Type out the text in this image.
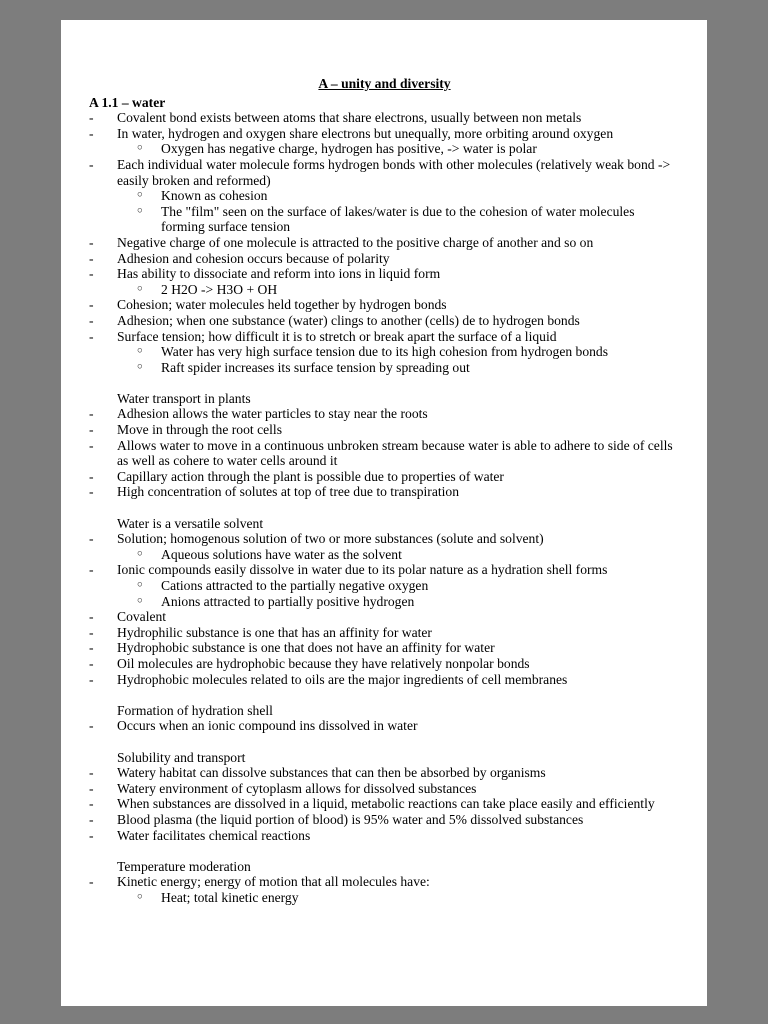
A – unity and diversity
A 1.1 – water
-	Covalent bond exists between atoms that share electrons, usually between non metals
-	In water, hydrogen and oxygen share electrons but unequally, more orbiting around oxygen
○	Oxygen has negative charge, hydrogen has positive, -> water is polar
-	Each individual water molecule forms hydrogen bonds with other molecules (relatively weak bond -> easily broken and reformed)
○	Known as cohesion
○	The "film" seen on the surface of lakes/water is due to the cohesion of water molecules forming surface tension
-	Negative charge of one molecule is attracted to the positive charge of another and so on
-	Adhesion and cohesion occurs because of polarity
-	Has ability to dissociate and reform into ions in liquid form
○	2 H2O -> H3O + OH
-	Cohesion; water molecules held together by hydrogen bonds
-	Adhesion; when one substance (water) clings to another (cells) de to hydrogen bonds
-	Surface tension; how difficult it is to stretch or break apart the surface of a liquid
○	Water has very high surface tension due to its high cohesion from hydrogen bonds
○	Raft spider increases its surface tension by spreading out
Water transport in plants
-	Adhesion allows the water particles to stay near the roots
-	Move in through the root cells
-	Allows water to move in a continuous unbroken stream because water is able to adhere to side of cells as well as cohere to water cells around it
-	Capillary action through the plant is possible due to properties of water
-	High concentration of solutes at top of tree due to transpiration
Water is a versatile solvent
-	Solution; homogenous solution of two or more substances (solute and solvent)
○	Aqueous solutions have water as the solvent
-	Ionic compounds easily dissolve in water due to its polar nature as a hydration shell forms
○	Cations attracted to the partially negative oxygen
○	Anions attracted to partially positive hydrogen
-	Covalent
-	Hydrophilic substance is one that has an affinity for water
-	Hydrophobic substance is one that does not have an affinity for water
-	Oil molecules are hydrophobic because they have relatively nonpolar bonds
-	Hydrophobic molecules related to oils are the major ingredients of cell membranes
Formation of hydration shell
-	Occurs when an ionic compound ins dissolved in water
Solubility and transport
-	Watery habitat can dissolve substances that can then be absorbed by organisms
-	Watery environment of cytoplasm allows for dissolved substances
-	When substances are dissolved in a liquid, metabolic reactions can take place easily and efficiently
-	Blood plasma (the liquid portion of blood) is 95% water and 5% dissolved substances
-	Water facilitates chemical reactions
Temperature moderation
-	Kinetic energy; energy of motion that all molecules have:
○	Heat; total kinetic energy
